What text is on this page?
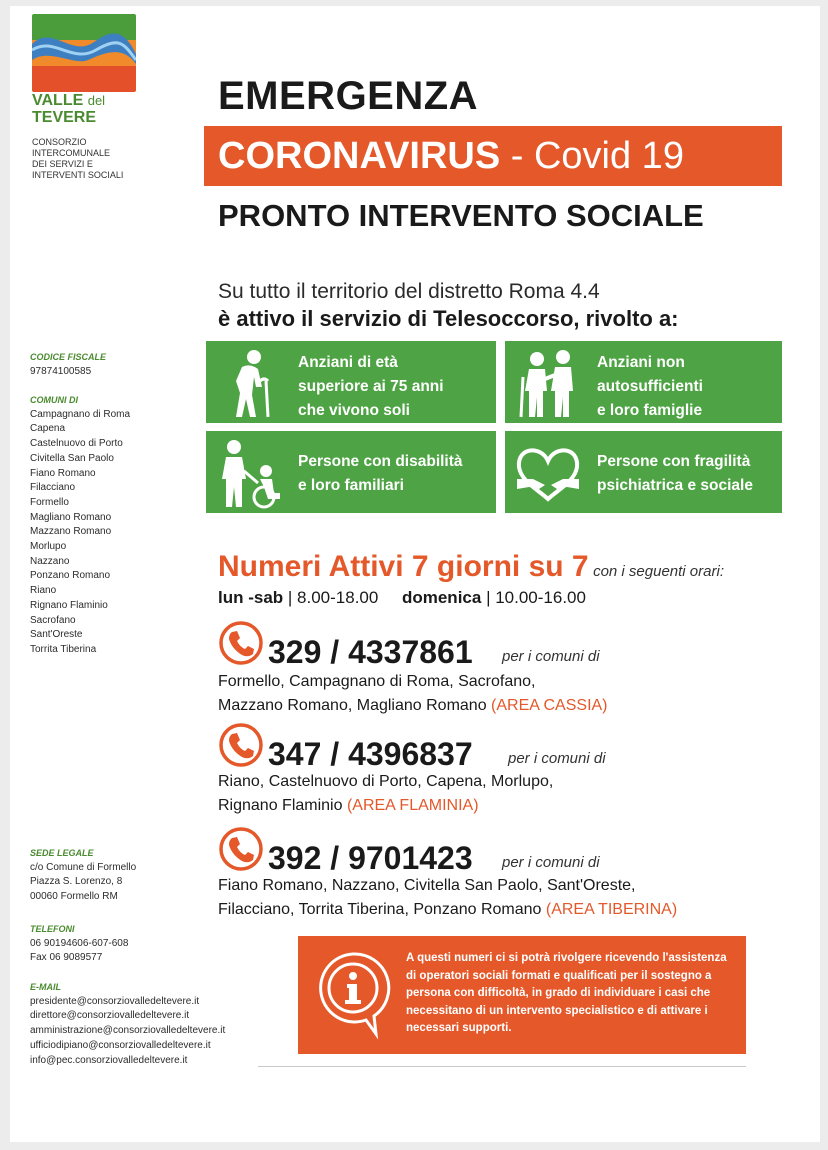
VALLE del
TEVERE
CONSORZIO
INTERCOMUNALE
DEI SERVIZI E
INTERVENTI SOCIALI
CODICE FISCALE
97874100585
COMUNI DI
Campagnano di Roma
Capena
Castelnuovo di Porto
Civitella San Paolo
Fiano Romano
Filacciano
Formello
Magliano Romano
Mazzano Romano
Morlupo
Nazzano
Ponzano Romano
Riano
Rignano Flaminio
Sacrofano
Sant'Oreste
Torrita Tiberina
SEDE LEGALE
c/o Comune di Formello
Piazza S. Lorenzo, 8
00060 Formello RM
TELEFONI
06 90194606-607-608
Fax 06 9089577
E-MAIL
presidente@consorziovalledeltevere.it
direttore@consorziovalledeltevere.it
amministrazione@consorziovalledeltevere.it
ufficiodipiano@consorziovalledeltevere.it
info@pec.consorziovalledeltevere.it
EMERGENZA
CORONAVIRUS - Covid 19
PRONTO INTERVENTO SOCIALE
Su tutto il territorio del distretto Roma 4.4
è attivo il servizio di Telesoccorso, rivolto a:
Anziani di età
superiore ai 75 anni
che vivono soli
Anziani non
autosufficienti
e loro famiglie
Persone con disabilità
e loro familiari
Persone con fragilità
psichiatrica e sociale
Numeri Attivi 7 giorni su 7 con i seguenti orari:
lun -sab | 8.00-18.00 domenica | 10.00-16.00
329 / 4337861 per i comuni di
Formello, Campagnano di Roma, Sacrofano,
Mazzano Romano, Magliano Romano (AREA CASSIA)
347 / 4396837 per i comuni di
Riano, Castelnuovo di Porto, Capena, Morlupo,
Rignano Flaminio (AREA FLAMINIA)
392 / 9701423 per i comuni di
Fiano Romano, Nazzano, Civitella San Paolo, Sant'Oreste,
Filacciano, Torrita Tiberina, Ponzano Romano (AREA TIBERINA)
A questi numeri ci si potrà rivolgere ricevendo l'assistenza di operatori sociali formati e qualificati per il sostegno a persona con difficoltà, in grado di individuare i casi che necessitano di un intervento specialistico e di attivare i necessari supporti.
